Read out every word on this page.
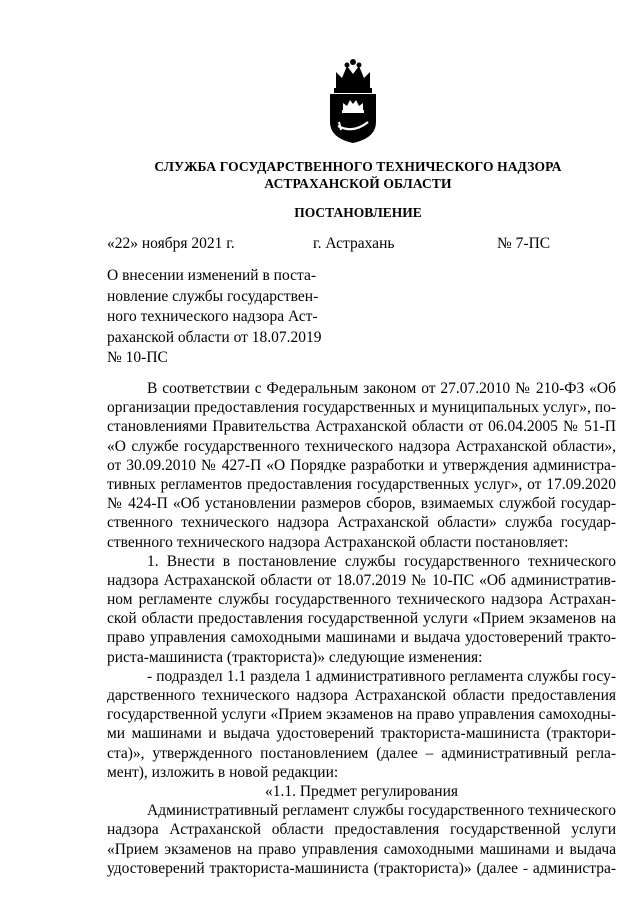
СЛУЖБА ГОСУДАРСТВЕННОГО ТЕХНИЧЕСКОГО НАДЗОРА
АСТРАХАНСКОЙ ОБЛАСТИ
ПОСТАНОВЛЕНИЕ
«22» ноября 2021 г.	г. Астрахань	№ 7-ПС
О внесении изменений в поста-
новление службы государствен-
ного технического надзора Аст-
раханской области от 18.07.2019
№ 10-ПС
В соответствии с Федеральным законом от 27.07.2010 № 210-ФЗ «Об
организации предоставления государственных и муниципальных услуг», по-
становлениями Правительства Астраханской области от 06.04.2005 № 51-П
«О службе государственного технического надзора Астраханской области»,
от 30.09.2010 № 427-П «О Порядке разработки и утверждения администра-
тивных регламентов предоставления государственных услуг», от 17.09.2020
№ 424-П «Об установлении размеров сборов, взимаемых службой государ-
ственного технического надзора Астраханской области» служба государ-
ственного технического надзора Астраханской области постановляет:
1. Внести в постановление службы государственного технического
надзора Астраханской области от 18.07.2019 № 10-ПС «Об административ-
ном регламенте службы государственного технического надзора Астрахан-
ской области предоставления государственной услуги «Прием экзаменов на
право управления самоходными машинами и выдача удостоверений тракто-
риста-машиниста (тракториста)» следующие изменения:
- подраздел 1.1 раздела 1 административного регламента службы госу-
дарственного технического надзора Астраханской области предоставления
государственной услуги «Прием экзаменов на право управления самоходны-
ми машинами и выдача удостоверений тракториста-машиниста (трактори-
ста)», утвержденного постановлением (далее – административный регла-
мент), изложить в новой редакции:
«1.1. Предмет регулирования
Административный регламент службы государственного технического
надзора Астраханской области предоставления государственной услуги
«Прием экзаменов на право управления самоходными машинами и выдача
удостоверений тракториста-машиниста (тракториста)» (далее - администра-
